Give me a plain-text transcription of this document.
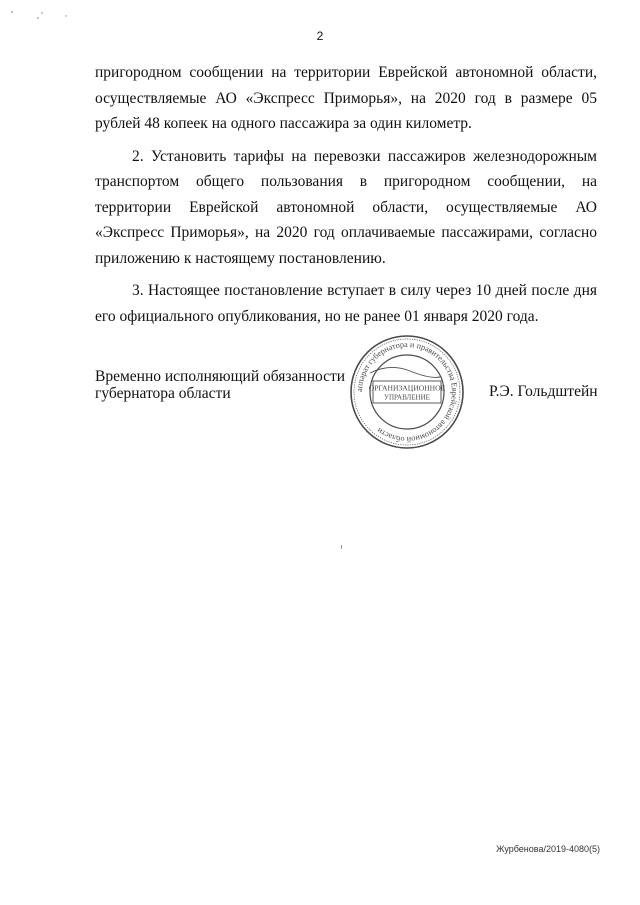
2

пригородном сообщении на территории Еврейской автономной области, осуществляемые АО «Экспресс Приморья», на 2020 год в размере 05 рублей 48 копеек на одного пассажира за один километр.

2. Установить тарифы на перевозки пассажиров железнодорожным транспортом общего пользования в пригородном сообщении, на территории Еврейской автономной области, осуществляемые АО «Экспресс Приморья», на 2020 год оплачиваемые пассажирами, согласно приложению к настоящему постановлению.

3. Настоящее постановление вступает в силу через 10 дней после дня его официального опубликования, но не ранее 01 января 2020 года.

Временно исполняющий обязанности
губернатора области	аппарат губернатора и правительства Еврейской автономной области
ОРГАНИЗАЦИОННОЕ
УПРАВЛЕНИЕ	Р.Э. Гольдштейн
Журбенова/2019-4080(5)
